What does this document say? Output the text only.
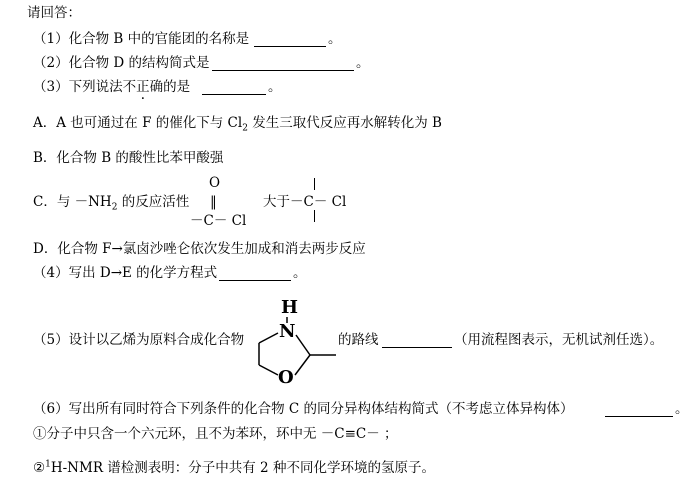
请回答：
（1）化合物 B 中的官能团的名称是	。
（2）化合物 D 的结构简式是	。
（3）下列说法不正确的是	。
A．A 也可通过在 F 的催化下与 $Cl_2$ 发生三取代反应再水解转化为 B
B．化合物 B 的酸性比苯甲酸强
C．与 $-NH_2$ 的反应活性
O
‖
－C－ Cl
大于 －C－ Cl
D．化合物 F→氯卤沙唑仑依次发生加成和消去两步反应
（4）写出 D→E 的化学方程式	。
（5）设计以乙烯为原料合成化合物
H
N
O
的路线	（用流程图表示，无机试剂任选）。
（6）写出所有同时符合下列条件的化合物 C 的同分异构体结构简式（不考虑立体异构体）	。
①分子中只含一个六元环，且不为苯环，环中无 －C≡C－ ；
②$^1$H-NMR 谱检测表明：分子中共有 2 种不同化学环境的氢原子。
